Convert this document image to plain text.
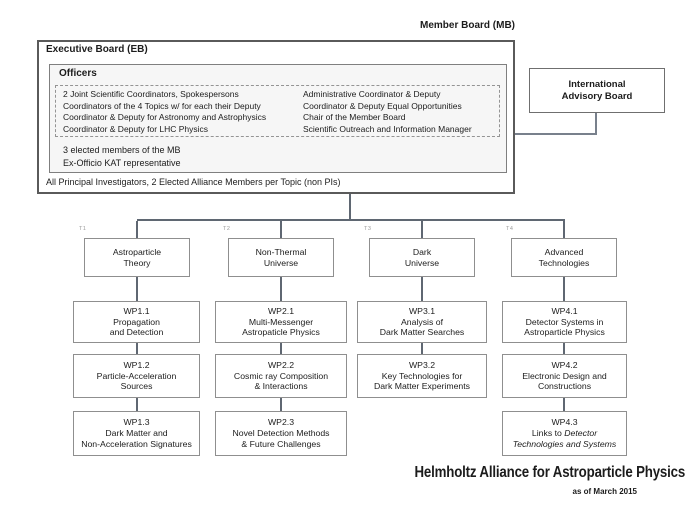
Member Board (MB)
Executive Board (EB)
Officers
2 Joint Scientific Coordinators, Spokespersons
Coordinators of the 4 Topics w/ for each their Deputy
Coordinator & Deputy for Astronomy and Astrophysics
Coordinator & Deputy for LHC Physics
Administrative Coordinator & Deputy
Coordinator & Deputy Equal Opportunities
Chair of the Member Board
Scientific Outreach and Information Manager
3 elected members of the MB
Ex-Officio KAT representative
All Principal Investigators, 2 Elected Alliance Members per Topic (non PIs)
International
Advisory Board
T1
Astroparticle
Theory
T2
Non-Thermal
Universe
T3
Dark
Universe
T4
Advanced
Technologies
WP1.1
Propagation
and Detection
WP1.2
Particle-Acceleration
Sources
WP1.3
Dark Matter and
Non-Acceleration Signatures
WP2.1
Multi-Messenger
Astropaticle Physics
WP2.2
Cosmic ray Composition
& Interactions
WP2.3
Novel Detection Methods
& Future Challenges
WP3.1
Analysis of
Dark Matter Searches
WP3.2
Key Technologies for
Dark Matter Experiments
WP4.1
Detector Systems in
Astroparticle Physics
WP4.2
Electronic Design and
Constructions
WP4.3
Links to Detector
Technologies and Systems
Helmholtz Alliance for Astroparticle Physics
as of March 2015
